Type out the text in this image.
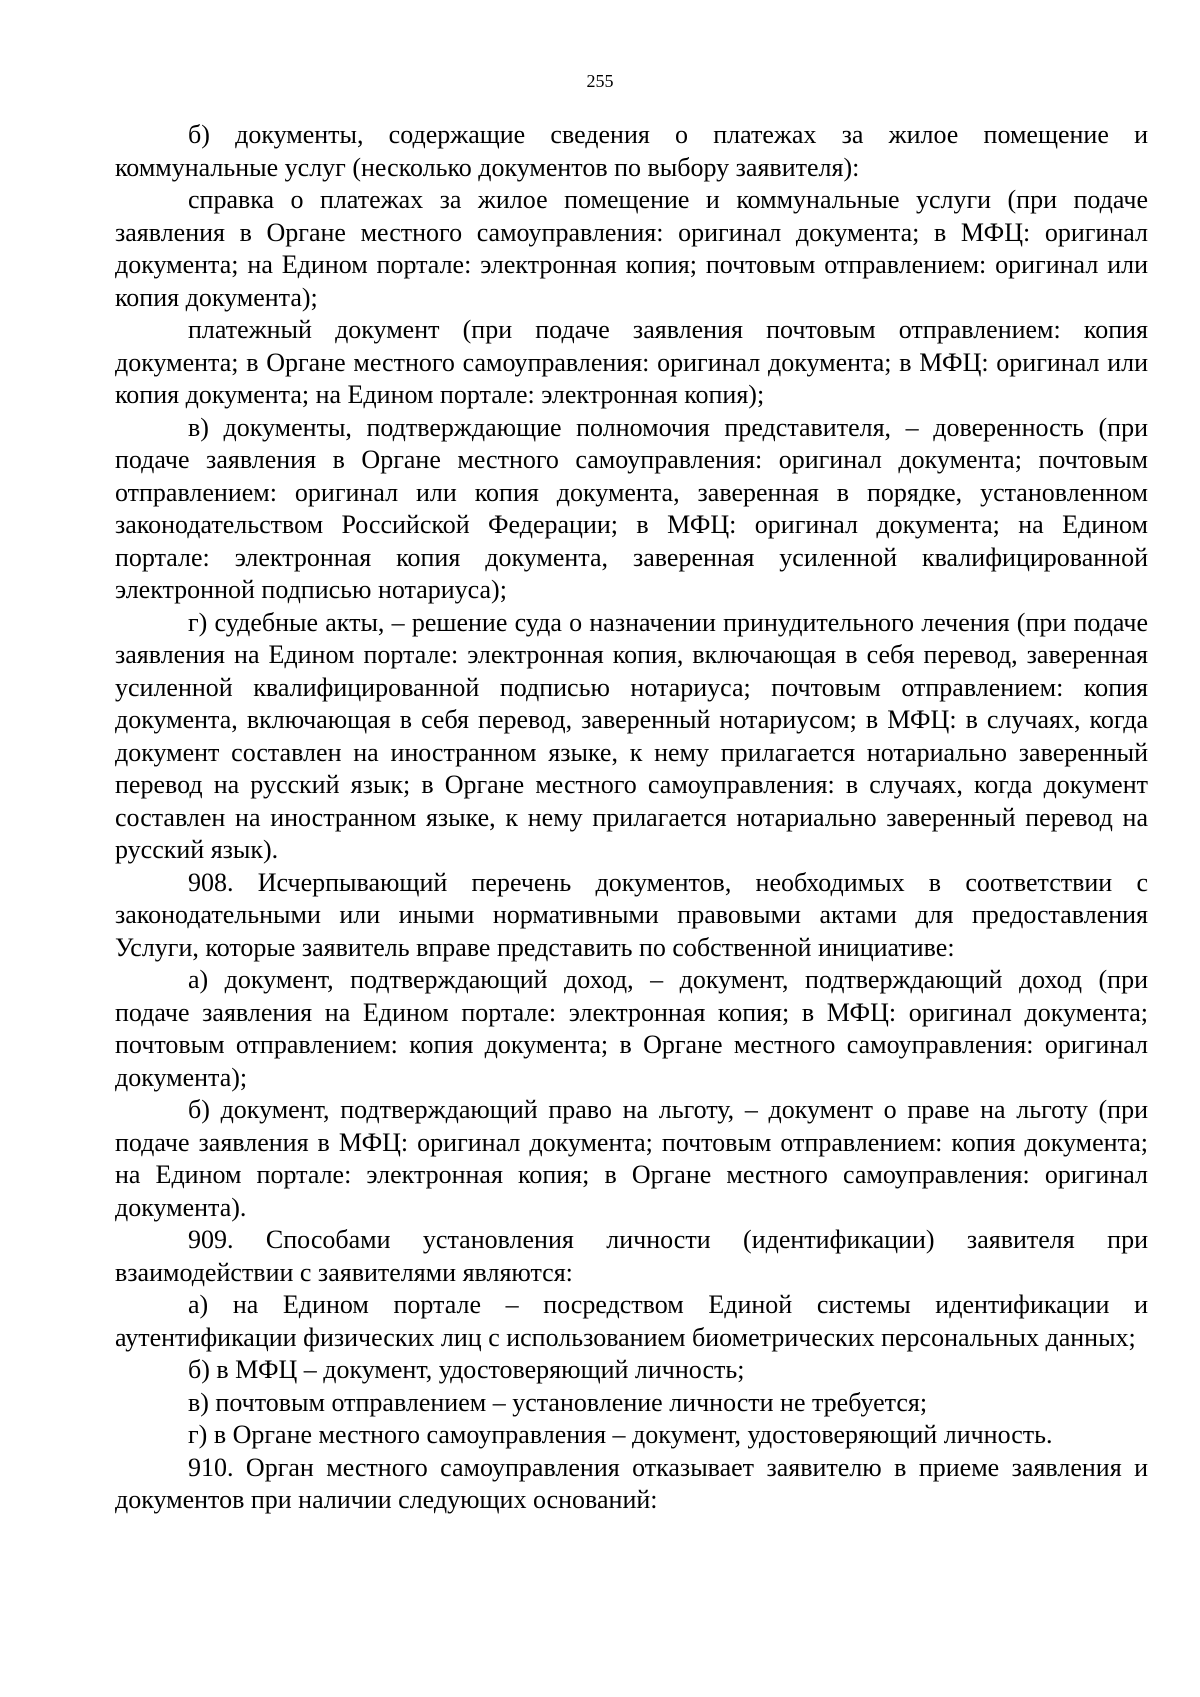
255

б) документы, содержащие сведения о платежах за жилое помещение и коммунальные услуг (несколько документов по выбору заявителя):

справка о платежах за жилое помещение и коммунальные услуги (при подаче заявления в Органе местного самоуправления: оригинал документа; в МФЦ: оригинал документа; на Едином портале: электронная копия; почтовым отправлением: оригинал или копия документа);

платежный документ (при подаче заявления почтовым отправлением: копия документа; в Органе местного самоуправления: оригинал документа; в МФЦ: оригинал или копия документа; на Едином портале: электронная копия);

в) документы, подтверждающие полномочия представителя, – доверенность (при подаче заявления в Органе местного самоуправления: оригинал документа; почтовым отправлением: оригинал или копия документа, заверенная в порядке, установленном законодательством Российской Федерации; в МФЦ: оригинал документа; на Едином портале: электронная копия документа, заверенная усиленной квалифицированной электронной подписью нотариуса);

г) судебные акты, – решение суда о назначении принудительного лечения (при подаче заявления на Едином портале: электронная копия, включающая в себя перевод, заверенная усиленной квалифицированной подписью нотариуса; почтовым отправлением: копия документа, включающая в себя перевод, заверенный нотариусом; в МФЦ: в случаях, когда документ составлен на иностранном языке, к нему прилагается нотариально заверенный перевод на русский язык; в Органе местного самоуправления: в случаях, когда документ составлен на иностранном языке, к нему прилагается нотариально заверенный перевод на русский язык).

908. Исчерпывающий перечень документов, необходимых в соответствии с законодательными или иными нормативными правовыми актами для предоставления Услуги, которые заявитель вправе представить по собственной инициативе:

а) документ, подтверждающий доход, – документ, подтверждающий доход (при подаче заявления на Едином портале: электронная копия; в МФЦ: оригинал документа; почтовым отправлением: копия документа; в Органе местного самоуправления: оригинал документа);

б) документ, подтверждающий право на льготу, – документ о праве на льготу (при подаче заявления в МФЦ: оригинал документа; почтовым отправлением: копия документа; на Едином портале: электронная копия; в Органе местного самоуправления: оригинал документа).

909. Способами установления личности (идентификации) заявителя при взаимодействии с заявителями являются:

а) на Едином портале – посредством Единой системы идентификации и аутентификации физических лиц с использованием биометрических персональных данных;

б) в МФЦ – документ, удостоверяющий личность;

в) почтовым отправлением – установление личности не требуется;

г) в Органе местного самоуправления – документ, удостоверяющий личность.

910. Орган местного самоуправления отказывает заявителю в приеме заявления и документов при наличии следующих оснований:
